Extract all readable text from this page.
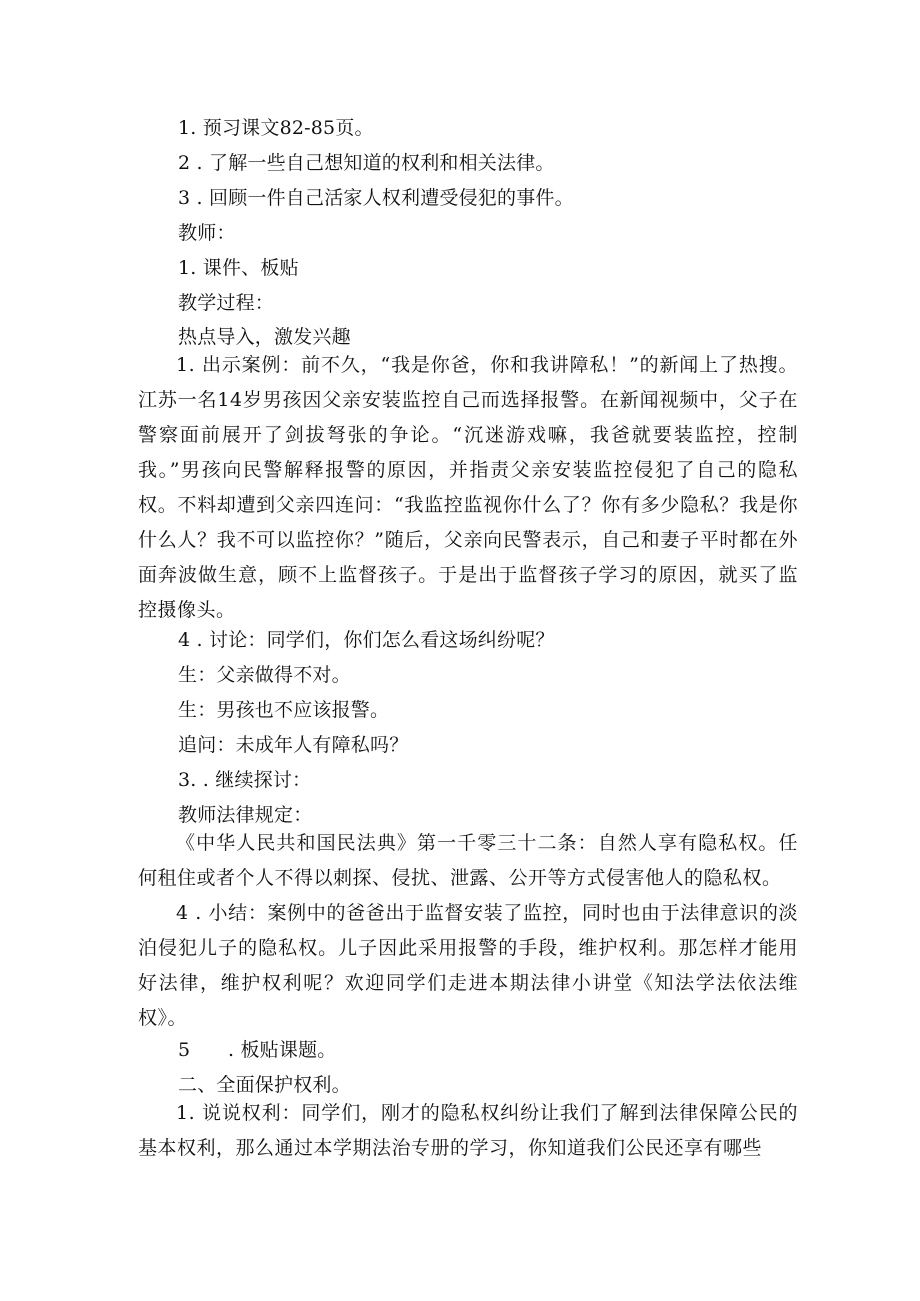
1. 预习课文82-85页。
2 . 了解一些自己想知道的权利和相关法律。
3 . 回顾一件自己活家人权利遭受侵犯的事件。
教师：
1. 课件、板贴
教学过程：
热点导入，激发兴趣
1. 出示案例：前不久，“我是你爸，你和我讲障私！”的新闻上了热搜。江苏一名14岁男孩因父亲安装监控自己而选择报警。在新闻视频中，父子在警察面前展开了剑拔弩张的争论。“沉迷游戏嘛，我爸就要装监控，控制我。”男孩向民警解释报警的原因，并指责父亲安装监控侵犯了自己的隐私权。不料却遭到父亲四连问：“我监控监视你什么了？你有多少隐私？我是你什么人？我不可以监控你？”随后，父亲向民警表示，自己和妻子平时都在外面奔波做生意，顾不上监督孩子。于是出于监督孩子学习的原因，就买了监控摄像头。
4 . 讨论：同学们，你们怎么看这场纠纷呢？
生：父亲做得不对。
生：男孩也不应该报警。
追问：未成年人有障私吗？
3. . 继续探讨：
教师法律规定：
《中华人民共和国民法典》第一千零三十二条：自然人享有隐私权。任何租住或者个人不得以刺探、侵扰、泄露、公开等方式侵害他人的隐私权。
4 . 小结：案例中的爸爸出于监督安装了监控，同时也由于法律意识的淡泊侵犯儿子的隐私权。儿子因此采用报警的手段，维护权利。那怎样才能用好法律，维护权利呢？欢迎同学们走进本期法律小讲堂《知法学法依法维权》。
5 . 板贴课题。
二、全面保护权利。
1. 说说权利：同学们，刚才的隐私权纠纷让我们了解到法律保障公民的基本权利，那么通过本学期法治专册的学习，你知道我们公民还享有哪些
